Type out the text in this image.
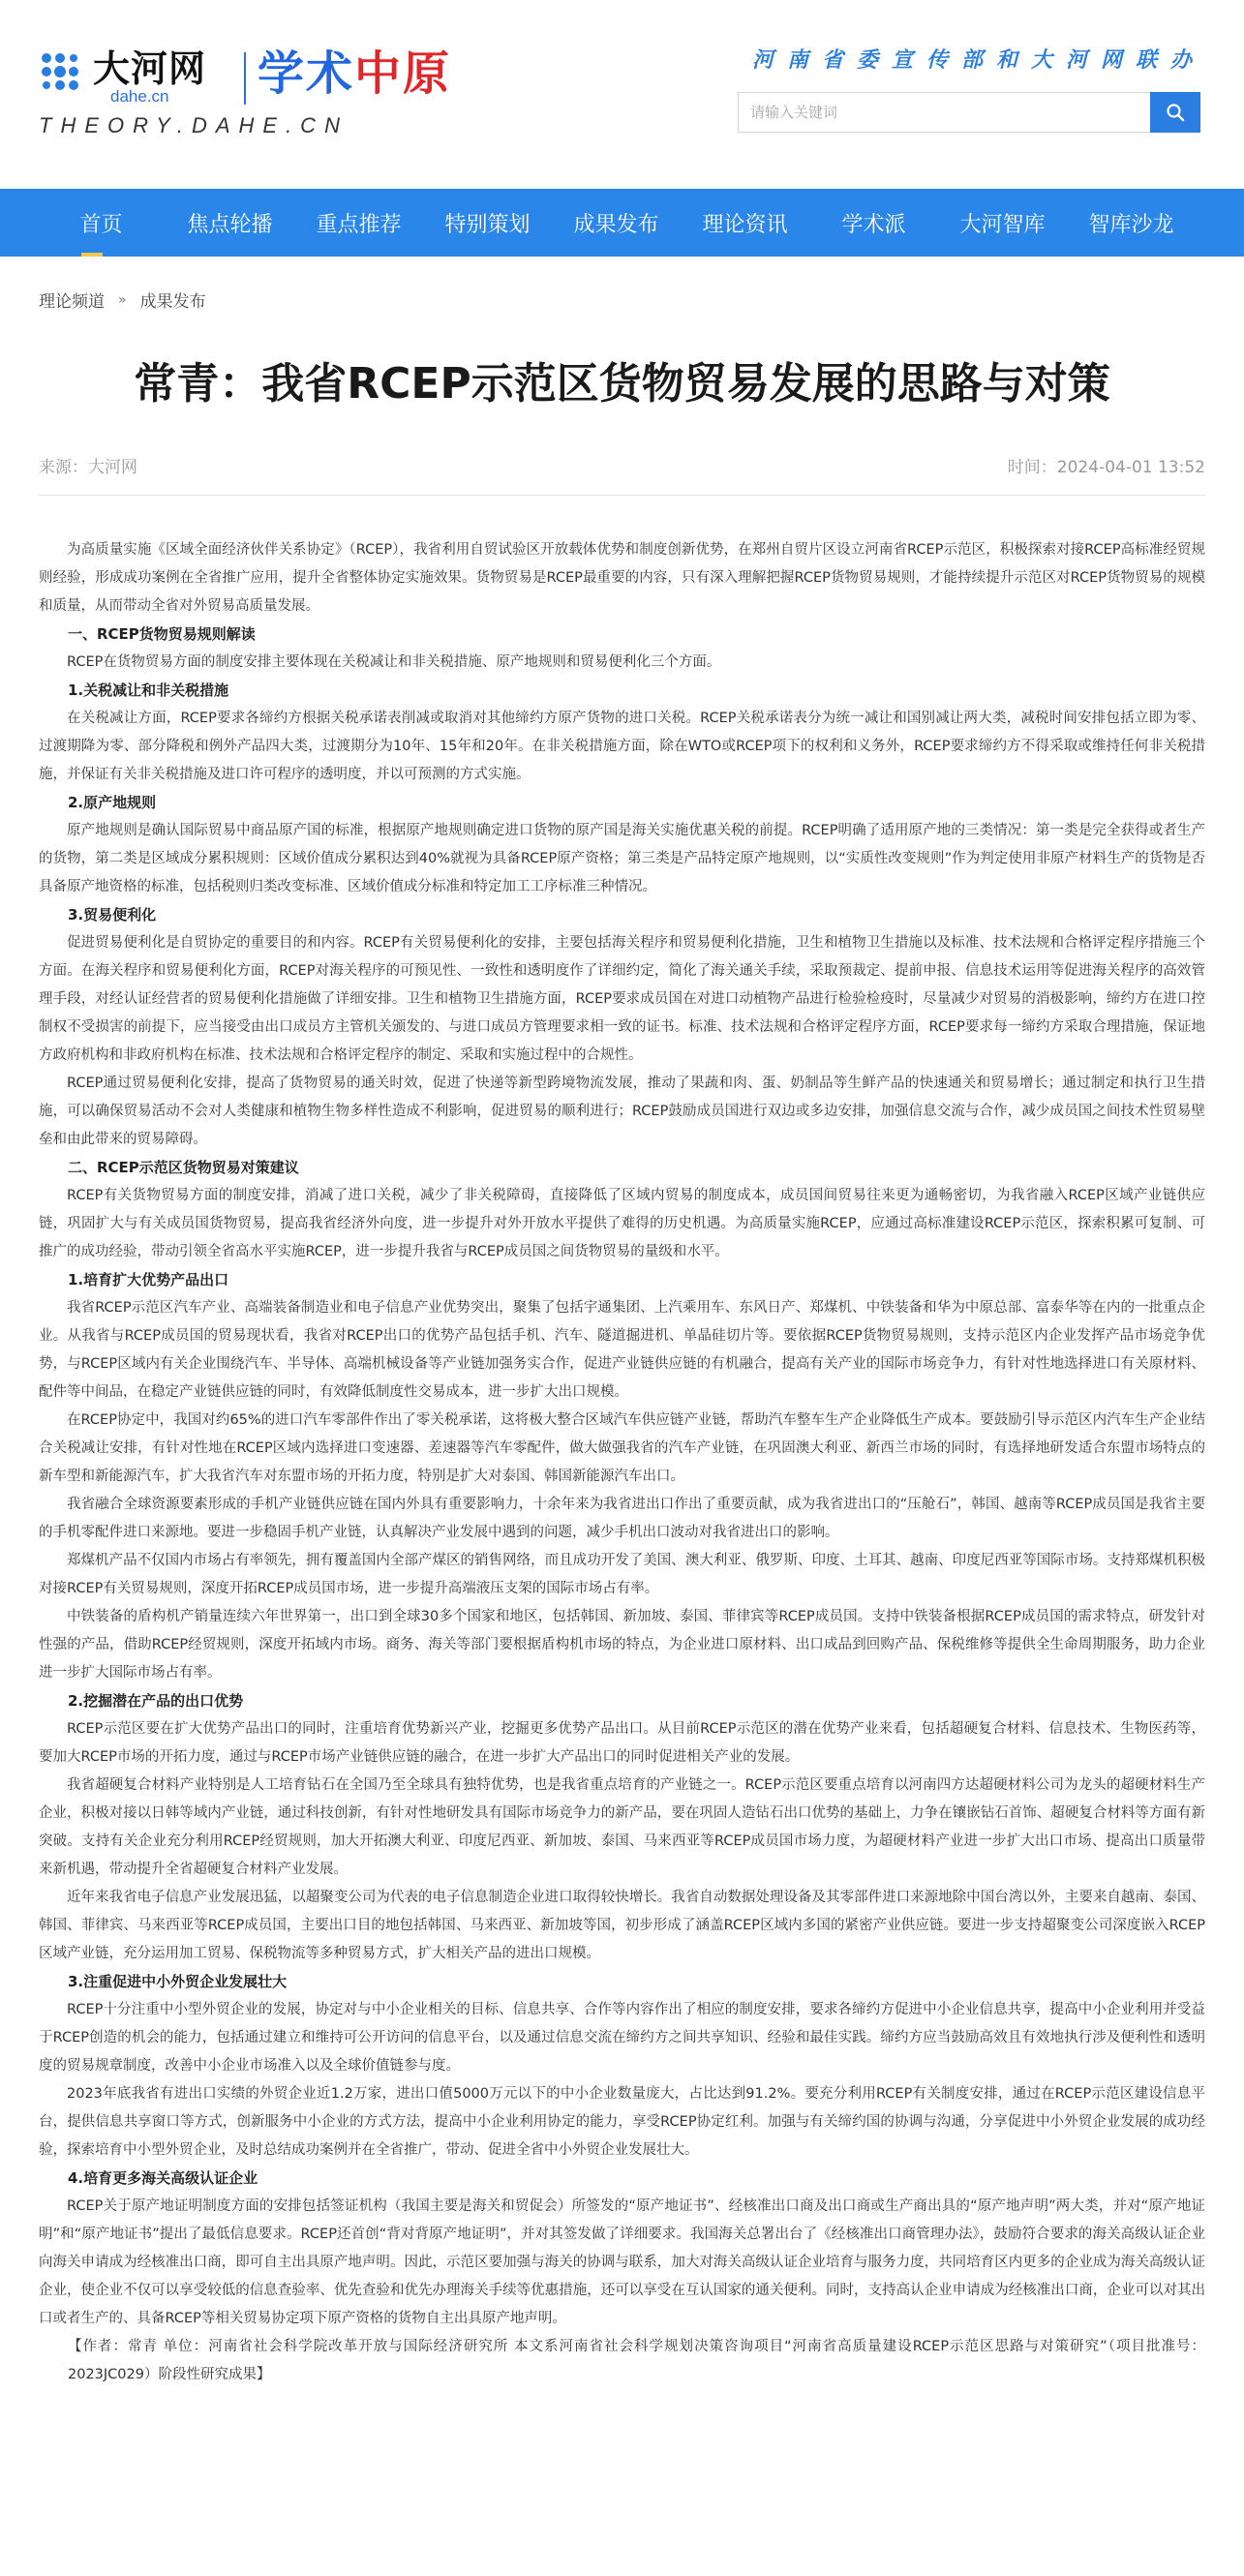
大河网
dahe.cn 学术中原
THEORY.DAHE.CN
河南省委宣传部和大河网联办
请输入关键词
首页	焦点轮播	重点推荐	特别策划	成果发布	理论资讯	学术派	大河智库	智库沙龙
理论频道 » 成果发布
常青：我省RCEP示范区货物贸易发展的思路与对策
来源：大河网	时间：2024-04-01 13:52

为高质量实施《区域全面经济伙伴关系协定》（RCEP），我省利用自贸试验区开放载体优势和制度创新优势，在郑州自贸片区设立河南省RCEP示范区，积极探索对接RCEP高标准经贸规则经验，形成成功案例在全省推广应用，提升全省整体协定实施效果。货物贸易是RCEP最重要的内容，只有深入理解把握RCEP货物贸易规则，才能持续提升示范区对RCEP货物贸易的规模和质量，从而带动全省对外贸易高质量发展。

一、RCEP货物贸易规则解读

RCEP在货物贸易方面的制度安排主要体现在关税减让和非关税措施、原产地规则和贸易便利化三个方面。

1.关税减让和非关税措施

在关税减让方面，RCEP要求各缔约方根据关税承诺表削减或取消对其他缔约方原产货物的进口关税。RCEP关税承诺表分为统一减让和国别减让两大类，减税时间安排包括立即为零、过渡期降为零、部分降税和例外产品四大类，过渡期分为10年、15年和20年。在非关税措施方面，除在WTO或RCEP项下的权利和义务外，RCEP要求缔约方不得采取或维持任何非关税措施，并保证有关非关税措施及进口许可程序的透明度，并以可预测的方式实施。

2.原产地规则

原产地规则是确认国际贸易中商品原产国的标准，根据原产地规则确定进口货物的原产国是海关实施优惠关税的前提。RCEP明确了适用原产地的三类情况：第一类是完全获得或者生产的货物，第二类是区域成分累积规则：区域价值成分累积达到40%就视为具备RCEP原产资格；第三类是产品特定原产地规则，以“实质性改变规则”作为判定使用非原产材料生产的货物是否具备原产地资格的标准，包括税则归类改变标准、区域价值成分标准和特定加工工序标准三种情况。

3.贸易便利化

促进贸易便利化是自贸协定的重要目的和内容。RCEP有关贸易便利化的安排，主要包括海关程序和贸易便利化措施，卫生和植物卫生措施以及标准、技术法规和合格评定程序措施三个方面。在海关程序和贸易便利化方面，RCEP对海关程序的可预见性、一致性和透明度作了详细约定，简化了海关通关手续，采取预裁定、提前申报、信息技术运用等促进海关程序的高效管理手段，对经认证经营者的贸易便利化措施做了详细安排。卫生和植物卫生措施方面，RCEP要求成员国在对进口动植物产品进行检验检疫时，尽量减少对贸易的消极影响，缔约方在进口控制权不受损害的前提下，应当接受由出口成员方主管机关颁发的、与进口成员方管理要求相一致的证书。标准、技术法规和合格评定程序方面，RCEP要求每一缔约方采取合理措施，保证地方政府机构和非政府机构在标准、技术法规和合格评定程序的制定、采取和实施过程中的合规性。

RCEP通过贸易便利化安排，提高了货物贸易的通关时效，促进了快递等新型跨境物流发展，推动了果蔬和肉、蛋、奶制品等生鲜产品的快速通关和贸易增长；通过制定和执行卫生措施，可以确保贸易活动不会对人类健康和植物生物多样性造成不利影响，促进贸易的顺利进行；RCEP鼓励成员国进行双边或多边安排，加强信息交流与合作，减少成员国之间技术性贸易壁垒和由此带来的贸易障碍。

二、RCEP示范区货物贸易对策建议

RCEP有关货物贸易方面的制度安排，消减了进口关税，减少了非关税障碍，直接降低了区域内贸易的制度成本，成员国间贸易往来更为通畅密切，为我省融入RCEP区域产业链供应链，巩固扩大与有关成员国货物贸易，提高我省经济外向度，进一步提升对外开放水平提供了难得的历史机遇。为高质量实施RCEP，应通过高标准建设RCEP示范区，探索积累可复制、可推广的成功经验，带动引领全省高水平实施RCEP，进一步提升我省与RCEP成员国之间货物贸易的量级和水平。

1.培育扩大优势产品出口

我省RCEP示范区汽车产业、高端装备制造业和电子信息产业优势突出，聚集了包括宇通集团、上汽乘用车、东风日产、郑煤机、中铁装备和华为中原总部、富泰华等在内的一批重点企业。从我省与RCEP成员国的贸易现状看，我省对RCEP出口的优势产品包括手机、汽车、隧道掘进机、单晶硅切片等。要依据RCEP货物贸易规则，支持示范区内企业发挥产品市场竞争优势，与RCEP区域内有关企业围绕汽车、半导体、高端机械设备等产业链加强务实合作，促进产业链供应链的有机融合，提高有关产业的国际市场竞争力，有针对性地选择进口有关原材料、配件等中间品，在稳定产业链供应链的同时，有效降低制度性交易成本，进一步扩大出口规模。

在RCEP协定中，我国对约65%的进口汽车零部件作出了零关税承诺，这将极大整合区域汽车供应链产业链，帮助汽车整车生产企业降低生产成本。要鼓励引导示范区内汽车生产企业结合关税减让安排，有针对性地在RCEP区域内选择进口变速器、差速器等汽车零配件，做大做强我省的汽车产业链，在巩固澳大利亚、新西兰市场的同时，有选择地研发适合东盟市场特点的新车型和新能源汽车，扩大我省汽车对东盟市场的开拓力度，特别是扩大对泰国、韩国新能源汽车出口。

我省融合全球资源要素形成的手机产业链供应链在国内外具有重要影响力，十余年来为我省进出口作出了重要贡献，成为我省进出口的“压舱石”，韩国、越南等RCEP成员国是我省主要的手机零配件进口来源地。要进一步稳固手机产业链，认真解决产业发展中遇到的问题，减少手机出口波动对我省进出口的影响。

郑煤机产品不仅国内市场占有率领先，拥有覆盖国内全部产煤区的销售网络，而且成功开发了美国、澳大利亚、俄罗斯、印度、土耳其、越南、印度尼西亚等国际市场。支持郑煤机积极对接RCEP有关贸易规则，深度开拓RCEP成员国市场，进一步提升高端液压支架的国际市场占有率。

中铁装备的盾构机产销量连续六年世界第一，出口到全球30多个国家和地区，包括韩国、新加坡、泰国、菲律宾等RCEP成员国。支持中铁装备根据RCEP成员国的需求特点，研发针对性强的产品，借助RCEP经贸规则，深度开拓域内市场。商务、海关等部门要根据盾构机市场的特点，为企业进口原材料、出口成品到回购产品、保税维修等提供全生命周期服务，助力企业进一步扩大国际市场占有率。

2.挖掘潜在产品的出口优势

RCEP示范区要在扩大优势产品出口的同时，注重培育优势新兴产业，挖掘更多优势产品出口。从目前RCEP示范区的潜在优势产业来看，包括超硬复合材料、信息技术、生物医药等，要加大RCEP市场的开拓力度，通过与RCEP市场产业链供应链的融合，在进一步扩大产品出口的同时促进相关产业的发展。

我省超硬复合材料产业特别是人工培育钻石在全国乃至全球具有独特优势，也是我省重点培育的产业链之一。RCEP示范区要重点培育以河南四方达超硬材料公司为龙头的超硬材料生产企业，积极对接以日韩等域内产业链，通过科技创新，有针对性地研发具有国际市场竞争力的新产品，要在巩固人造钻石出口优势的基础上，力争在镶嵌钻石首饰、超硬复合材料等方面有新突破。支持有关企业充分利用RCEP经贸规则，加大开拓澳大利亚、印度尼西亚、新加坡、泰国、马来西亚等RCEP成员国市场力度，为超硬材料产业进一步扩大出口市场、提高出口质量带来新机遇，带动提升全省超硬复合材料产业发展。

近年来我省电子信息产业发展迅猛，以超聚变公司为代表的电子信息制造企业进口取得较快增长。我省自动数据处理设备及其零部件进口来源地除中国台湾以外，主要来自越南、泰国、韩国、菲律宾、马来西亚等RCEP成员国，主要出口目的地包括韩国、马来西亚、新加坡等国，初步形成了涵盖RCEP区域内多国的紧密产业供应链。要进一步支持超聚变公司深度嵌入RCEP区域产业链，充分运用加工贸易、保税物流等多种贸易方式，扩大相关产品的进出口规模。

3.注重促进中小外贸企业发展壮大

RCEP十分注重中小型外贸企业的发展，协定对与中小企业相关的目标、信息共享、合作等内容作出了相应的制度安排，要求各缔约方促进中小企业信息共享，提高中小企业利用并受益于RCEP创造的机会的能力，包括通过建立和维持可公开访问的信息平台，以及通过信息交流在缔约方之间共享知识、经验和最佳实践。缔约方应当鼓励高效且有效地执行涉及便利性和透明度的贸易规章制度，改善中小企业市场准入以及全球价值链参与度。

2023年底我省有进出口实绩的外贸企业近1.2万家，进出口值5000万元以下的中小企业数量庞大，占比达到91.2%。要充分利用RCEP有关制度安排，通过在RCEP示范区建设信息平台，提供信息共享窗口等方式，创新服务中小企业的方式方法，提高中小企业利用协定的能力，享受RCEP协定红利。加强与有关缔约国的协调与沟通，分享促进中小外贸企业发展的成功经验，探索培育中小型外贸企业，及时总结成功案例并在全省推广，带动、促进全省中小外贸企业发展壮大。

4.培育更多海关高级认证企业

RCEP关于原产地证明制度方面的安排包括签证机构（我国主要是海关和贸促会）所签发的“原产地证书”、经核准出口商及出口商或生产商出具的“原产地声明”两大类，并对“原产地证明”和“原产地证书”提出了最低信息要求。RCEP还首创“背对背原产地证明”，并对其签发做了详细要求。我国海关总署出台了《经核准出口商管理办法》，鼓励符合要求的海关高级认证企业向海关申请成为经核准出口商，即可自主出具原产地声明。因此，示范区要加强与海关的协调与联系，加大对海关高级认证企业培育与服务力度，共同培育区内更多的企业成为海关高级认证企业，使企业不仅可以享受较低的信息查验率、优先查验和优先办理海关手续等优惠措施，还可以享受在互认国家的通关便利。同时，支持高认企业申请成为经核准出口商，企业可以对其出口或者生产的、具备RCEP等相关贸易协定项下原产资格的货物自主出具原产地声明。

【作者：常青 单位：河南省社会科学院改革开放与国际经济研究所 本文系河南省社会科学规划决策咨询项目“河南省高质量建设RCEP示范区思路与对策研究”（项目批准号：2023JC029）阶段性研究成果】
